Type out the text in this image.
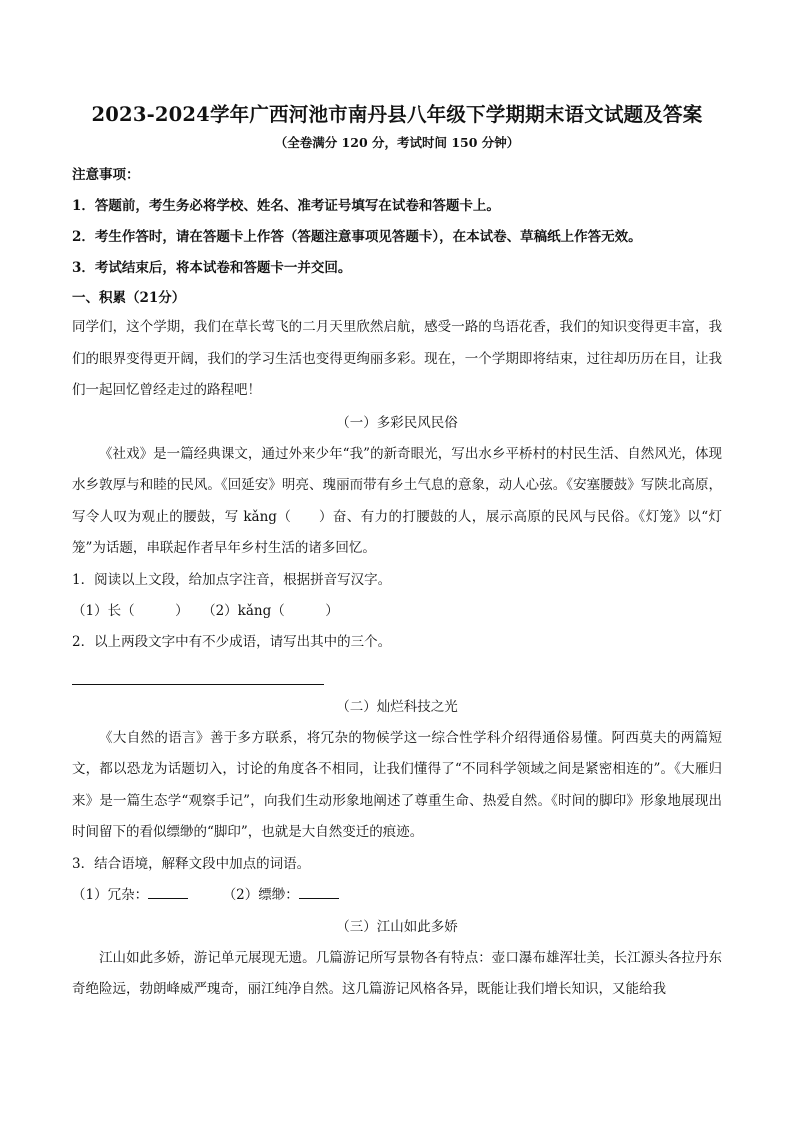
2023-2024学年广西河池市南丹县八年级下学期期末语文试题及答案
（全卷满分 120 分，考试时间 150 分钟）
注意事项：
1．答题前，考生务必将学校、姓名、准考证号填写在试卷和答题卡上。
2．考生作答时，请在答题卡上作答（答题注意事项见答题卡），在本试卷、草稿纸上作答无效。
3．考试结束后，将本试卷和答题卡一并交回。
一、积累（21分）
同学们，这个学期，我们在草长莺飞的二月天里欣然启航，感受一路的鸟语花香，我们的知识变得更丰富，我们的眼界变得更开阔，我们的学习生活也变得更绚丽多彩。现在，一个学期即将结束，过往却历历在目，让我们一起回忆曾经走过的路程吧！
（一）多彩民风民俗
《社戏》是一篇经典课文，通过外来少年“我”的新奇眼光，写出水乡平桥村的村民生活、自然风光，体现水乡敦厚与和睦的民风。《回延安》明亮、瑰丽而带有乡土气息的意象，动人心弦。《安塞腰鼓》写陕北高原，写令人叹为观止的腰鼓，写 kǎng（　　）奋、有力的打腰鼓的人，展示高原的民风与民俗。《灯笼》以“灯笼”为话题，串联起作者早年乡村生活的诸多回忆。
1．阅读以上文段，给加点字注音，根据拼音写汉字。
（1）长（　　　）　　（2）kǎng（　　　）
2．以上两段文字中有不少成语，请写出其中的三个。
（二）灿烂科技之光
《大自然的语言》善于多方联系，将冗杂的物候学这一综合性学科介绍得通俗易懂。阿西莫夫的两篇短文，都以恐龙为话题切入，讨论的角度各不相同，让我们懂得了“不同科学领域之间是紧密相连的”。《大雁归来》是一篇生态学“观察手记”，向我们生动形象地阐述了尊重生命、热爱自然。《时间的脚印》形象地展现出时间留下的看似缥缈的“脚印”，也就是大自然变迁的痕迹。
3．结合语境，解释文段中加点的词语。
（1）冗杂：	（2）缥缈：
（三）江山如此多娇
江山如此多娇，游记单元展现无遗。几篇游记所写景物各有特点：壶口瀑布雄浑壮美，长江源头各拉丹东奇绝险远，勃朗峰威严瑰奇，丽江纯净自然。这几篇游记风格各异，既能让我们增长知识，又能给我
